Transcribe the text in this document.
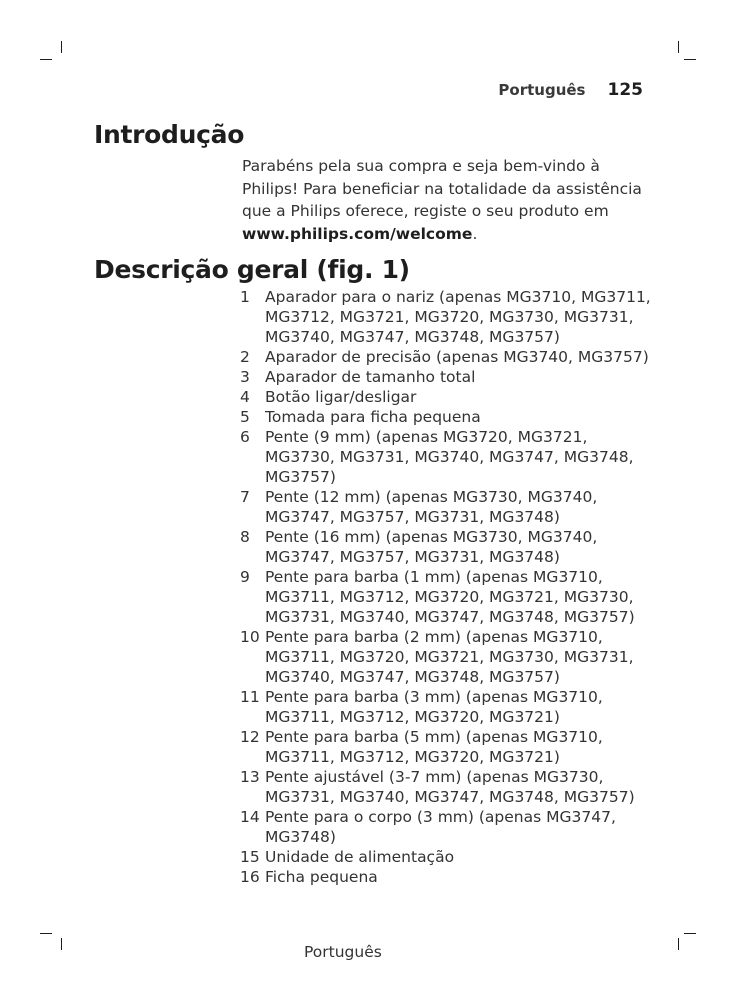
Português 125
Introdução

Parabéns pela sua compra e seja bem-vindo à Philips! Para beneficiar na totalidade da assistência que a Philips oferece, registe o seu produto em www.philips.com/welcome.

Descrição geral (fig. 1)
1 Aparador para o nariz (apenas MG3710, MG3711, MG3712, MG3721, MG3720, MG3730, MG3731, MG3740, MG3747, MG3748, MG3757)
2 Aparador de precisão (apenas MG3740, MG3757)
3 Aparador de tamanho total
4 Botão ligar/desligar
5 Tomada para ficha pequena
6 Pente (9 mm) (apenas MG3720, MG3721, MG3730, MG3731, MG3740, MG3747, MG3748, MG3757)
7 Pente (12 mm) (apenas MG3730, MG3740, MG3747, MG3757, MG3731, MG3748)
8 Pente (16 mm) (apenas MG3730, MG3740, MG3747, MG3757, MG3731, MG3748)
9 Pente para barba (1 mm) (apenas MG3710, MG3711, MG3712, MG3720, MG3721, MG3730, MG3731, MG3740, MG3747, MG3748, MG3757)
10 Pente para barba (2 mm) (apenas MG3710, MG3711, MG3720, MG3721, MG3730, MG3731, MG3740, MG3747, MG3748, MG3757)
11 Pente para barba (3 mm) (apenas MG3710, MG3711, MG3712, MG3720, MG3721)
12 Pente para barba (5 mm) (apenas MG3710, MG3711, MG3712, MG3720, MG3721)
13 Pente ajustável (3-7 mm) (apenas MG3730, MG3731, MG3740, MG3747, MG3748, MG3757)
14 Pente para o corpo (3 mm) (apenas MG3747, MG3748)
15 Unidade de alimentação
16 Ficha pequena
Português
